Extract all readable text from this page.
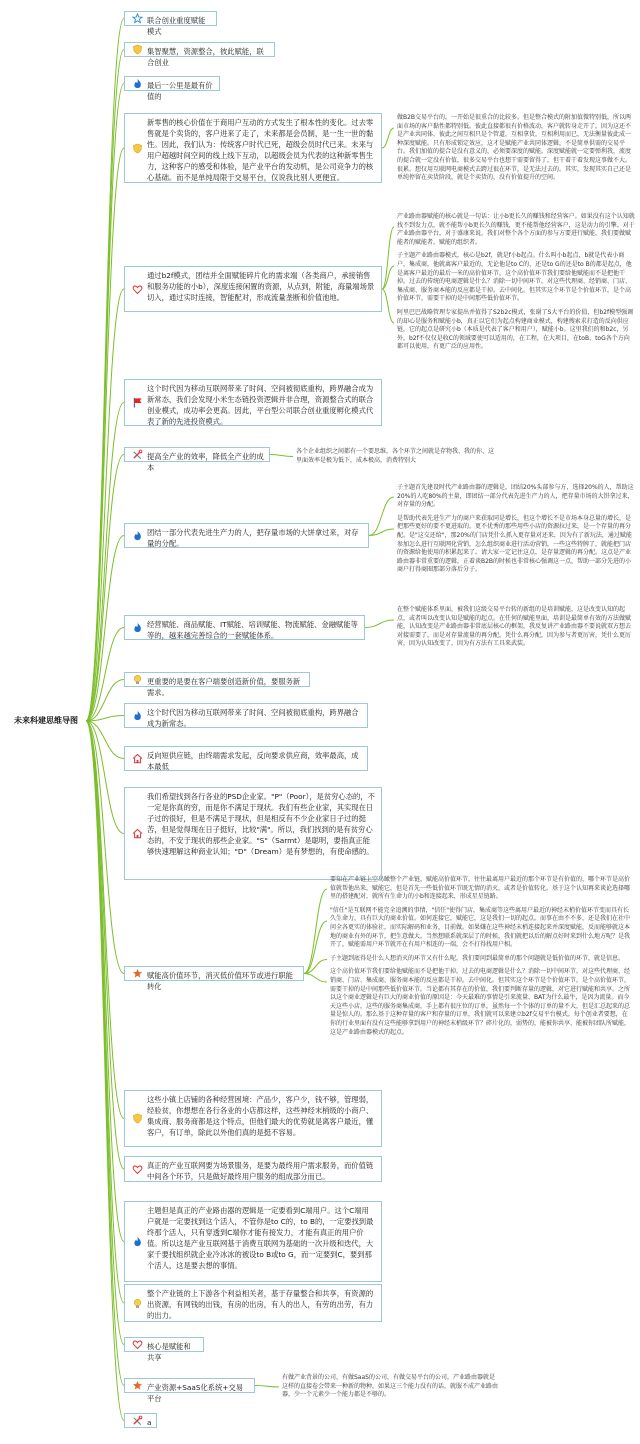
未来科建思维导图
联合创业重度赋能模式
集智聚慧，资源整合，彼此赋能，联合创业
最后一公里是最有价值的
新零售的核心价值在于商用户互动的方式发生了根本性的变化。过去零售就是个卖货的，客户进来了走了，未来都是会员制，是一生一世的黏性。因此，我们认为：传统客户时代已死，超级会员时代已来。未来与用户超越时间空间的线上线下互动，以超级会员为代表的这种新零售生力，这种客户的感受和体验，是产业平台的发动机，是公司竞争力的核心基础。而不是单纯局限于交易平台，仅说我比别人更便宜。
通过b2f模式，团结并全面赋能碎片化的需求端（各类商户，承接销售和服务功能的小b），深度连接闲置的资源，从点到，附能，海量端场景切入，通过实时连接，智能配对，形成流量垄断和价值池地。
这个时代因为移动互联网带来了时间、空间被彻底重构，跨界融合成为新常态，我们会发现小米生态链投资逻辑并非合理，资源整合式的联合创业模式，成功率会更高。因此，平台型公司联合创业重度孵化模式代表了新的先进投资模式。
提高全产业的效率，降低全产业的成本
团结一部分代表先进生产力的人，把存量市场的大饼拿过来，对存量的分配。
经营赋能、商品赋能、IT赋能、培训赋能、物流赋能、金融赋能等等的，越来越完善综合的一套赋能体系。
更重要的是要在客户端要创造新价值，要服务新需求。
这个时代因为移动互联网带来了时间、空间被彻底重构，跨界融合成为新常态。
反向短供应链，由终端需求发起，反向要求供应商，效率最高，成本最低
我们希望找到各行各业的PSD企业家。"P"（Poor），是贫穷心态的，不一定是你真的穷，而是你不满足于现状。我们有些企业家，其实现在日子过的很好，但是不满足于现状，但是相反有不少企业家日子过的挺苦，但是觉得现在日子挺好，比较"满"。所以，我们找到的是有贫穷心态的，不安于现状的那些企业家。"S"（Sarmt）是聪明，要指真正能够快速理解这种商业认知；"D"（Dream）是有梦想的，有使命感的。
赋能高价值环节，消灭低价值环节或进行职能转化
这些小镇上店铺的各种经营困境：产品少，客户少，钱不够，管理弱，经验贫，你想想在各行各业的小店都这样，这些神经末梢级的小商户、集成商、服务商都是这个特点，但他们最大的优势就是离客户最近，懂客户，有订单，除此以外他们真的是挺不容易。
真正的产业互联网要为场景服务，是要为最终用户需求服务，而价值链中间各个环节，只是做好最终用户服务的组成部分而已。
主题但是真正的产业路由器的逻辑是一定要看到C端用户。这个C端用户就是一定要找到这个活人，不管你是to C的，to B的，一定要找到最终那个活人，只有穿透到C端你才能有接发力，才能有真正的用户价值。所以这是产业互联网基于消费互联网为基础的一次升级和迭代，大家千要找组织就企业冷冰冰的被设to B或to G，而一定要到C，要到那个活人，这是要去想的事情。
整个产业链的上下游各个利益相关者，基于存量整合和共享，有资源的出资源，有网钱的出钱，有房的出房，有人的出人，有劳的出劳，有力的出力。
核心是赋能和共享
产业资源+SaaS化系统+交易平台
a

做B2B交易平台的，一开始是很重合的比较多。但是整合模式的附加值微特别低，所以两面市场的客户黏性都特别低。彼此直接都很有价格波动，客户就转身走开了。因为这还不是产业共同体，彼此之间互相只是个管道，互相拿货，互相利用而已，无法衡量彼此成一种深度赋能。只有形成锁定效应，这才是赋能产业共同体逻辑，不是简单供需的交易平台。我们加值的提合是没有意义的，必须要深度的赋能。深度赋能就一定要弹利我，流度的提合就一定没有价值，很多交易平台也想干需要留得了，但干着干着发现这事做不大。很累。想仅用互联网电商模式去跨过很在环节，是无法过去的。其实，发现其实自己还是单纯停留在卖货阶段，就是个卖货的，没有价值提升的空间。

产业路由器赋能的核心就是一句话：让小b更长久的赚钱和经营客户。如果没有这个认知就找不到发力点，就不能帮小b更长久的赚钱，更不能帮他经营客户，这是动力的引擎。对于产业路由器平台，对于盛康来说，我们对整个各个方面的参与方要进行赋能，我们要做赋能者的赋能者，赋能的组织者。

子主题产业路由器模式，核心是b2f，就是f小b起点。什么叫小b起点，b就是代表小商户，集成商，他就离客户最近的，无论他是to C的，还是to G的还是to B的都是起点，他是离客户最近的最后一米的高价值环节，这个高价值环节我们要给他赋能而不是把他干掉。过去的传统的电商逻辑是什么？消除一切中间环节，对这些代理商、经销商、门店、集成商、服务商本能的反应都是干掉。去中间化。但其实这个环节是个价值环节，是个高价值环节，需要干掉的是中间那些低价值环节。

阿里巴巴战略管理专家提出并值得了S2b2c模式，张谢了S大平台的价值，但b2f模型强调的却心是服务和赋能小b，真正以它们为起点构建商业模式，构建搜索求打造的反向供应链，它的起点是研究小b（本质是代表了客户和用户），赋能小b。这里我们的和b2c，另外，b2f不仅仅是收C的领域要使可以适用的，在工程，在大项目，在toB、toG各个方向都可以使用，有更广泛的应用性。

各个企业组织之间都有一个要思维，各个环节之间就是存物我、我的你、这里面效率是极为低下，成本极高，消费特别大

子主题首先建设时代产业路由器的逻辑是，团结20%头部参与方，选择20%的人，帮助这20%的人吃80%的主量，即团结一部分代表先进生产力的人，把存量市场的大饼拿过来，对存量的分配。

是帮助代表先进生产力的商户来获取同是增长，但这个增长不是市场本身总量的增长，是把那些更好的要不更进取的，更不优秀的那些用些小店的资源拉过来，是一个存量的再分配。是"这交还给"，那20%的门店凭什么抓入更存量对还来，因为有了新玩法，通过赋能参加怎么进行互联网化营销，怎么组织商业进行活动营销，一些这些特牌了，就能把门店的资源给他使用的积累起来了。请大家一定记住这点，是存量逻辑的再分配。这点是产业路由器非常重要的逻辑，正着谈B2B的时候也非常核心强调这一点，帮助一部分先进的小商户打得商圈那部分落后分子。

在整个赋能体系里面，被我们这级交易平台转的新组的是培训赋能，这是改变认知的起点，或者叫以改变认知是赋能的起点。在任何的赋能里面，培训是最简单有效的方法做赋能，认知改变是产业路由器非常底层核心的框架，我反复讲产业路由器不要说就双方想去对接需要了，而是对存量流量的再分配，凭什么再分配，因为参与者更厉害，凭什么更厉害，因为认知改变了，因为有方法有工具来武装。

要知在产业链上空鸟瞰整个产业链，赋能高价值环节，往往最离用户最近的那个环节是有价值的，哪个环节是高价值就帮他出来，赋能它，但是首先一些低价值环节既无情的消灭，或者是价值转化。基于这个认知再来谈论选择哪里的搭建配对，就所有生命力的小b和连接起来，形成星星链路。

"信任"是互联网不能完全追溯的事情，"信任"使得门店，集成商等这些离用户最近的神经末梢价值环节变而具有长久生命力，具有巨大的商业价值。如何连接它，赋能它，这是我们一切的起点。而事在由不不多，还是我们在社中问全各更实的体验社，而实际解码和业务，目前做。如果嫌在这些神经末梢连接起来并深度赋能，反而能够就这本地的商业有外的环节，把生意做大。当然想联系就深层了的时候，我们就把以后的解点好时来到什么地方呢？是我开了，赋能需用户环节就开在有用户相连的一端，会不打得找用户相。

子主题到底得是什么人想消灭的环节又有什么呢，我们要问到最简单的那个问题就是低价值的环节，就是信息。

这个高价值环节我们要给他赋能而不是把他干掉。过去的电商逻辑是什么？消除一切中间环节，对这些代理商、经销商、门店、集成商、服务商本能的反应都是干掉。去中间化。但其实这个环节是个价值环节，是个高价值环节，需要干掉的是中间那些低价值环节。当论都有其存在的价值，我们要判断存量的逻辑，对它进行赋能和共享。之所以这个商业逻辑是有巨大的商业价值的原因是：今天最难的事情是引来流量、BAT为什么最牛，是因为流量。而今天这些小店，这些的服务商集成商，手上都有很庄位的订单，虽然每一个个体的订单的量不大，但是汇总起来的总量是惊人的。那么基于这种存量的客户和存量的订单，我们就可以来建立b2f交易平台模式。每个创业者要想，在你的行业里面有没有这些能够拿到用户的神经末梢级环节？碎片化的，弱势的，能被你共享、能被你团队所赋能，这是产业路由器模式的起点。

有做产业背景的公司，有做SaaS的公司，有做交易平台的公司，产业路由器就是这样的直接卷会带来一种新的物种，如果这三个能力没有的话，就服不成产业路由器，少一个元素少一个能力都是不够的。
